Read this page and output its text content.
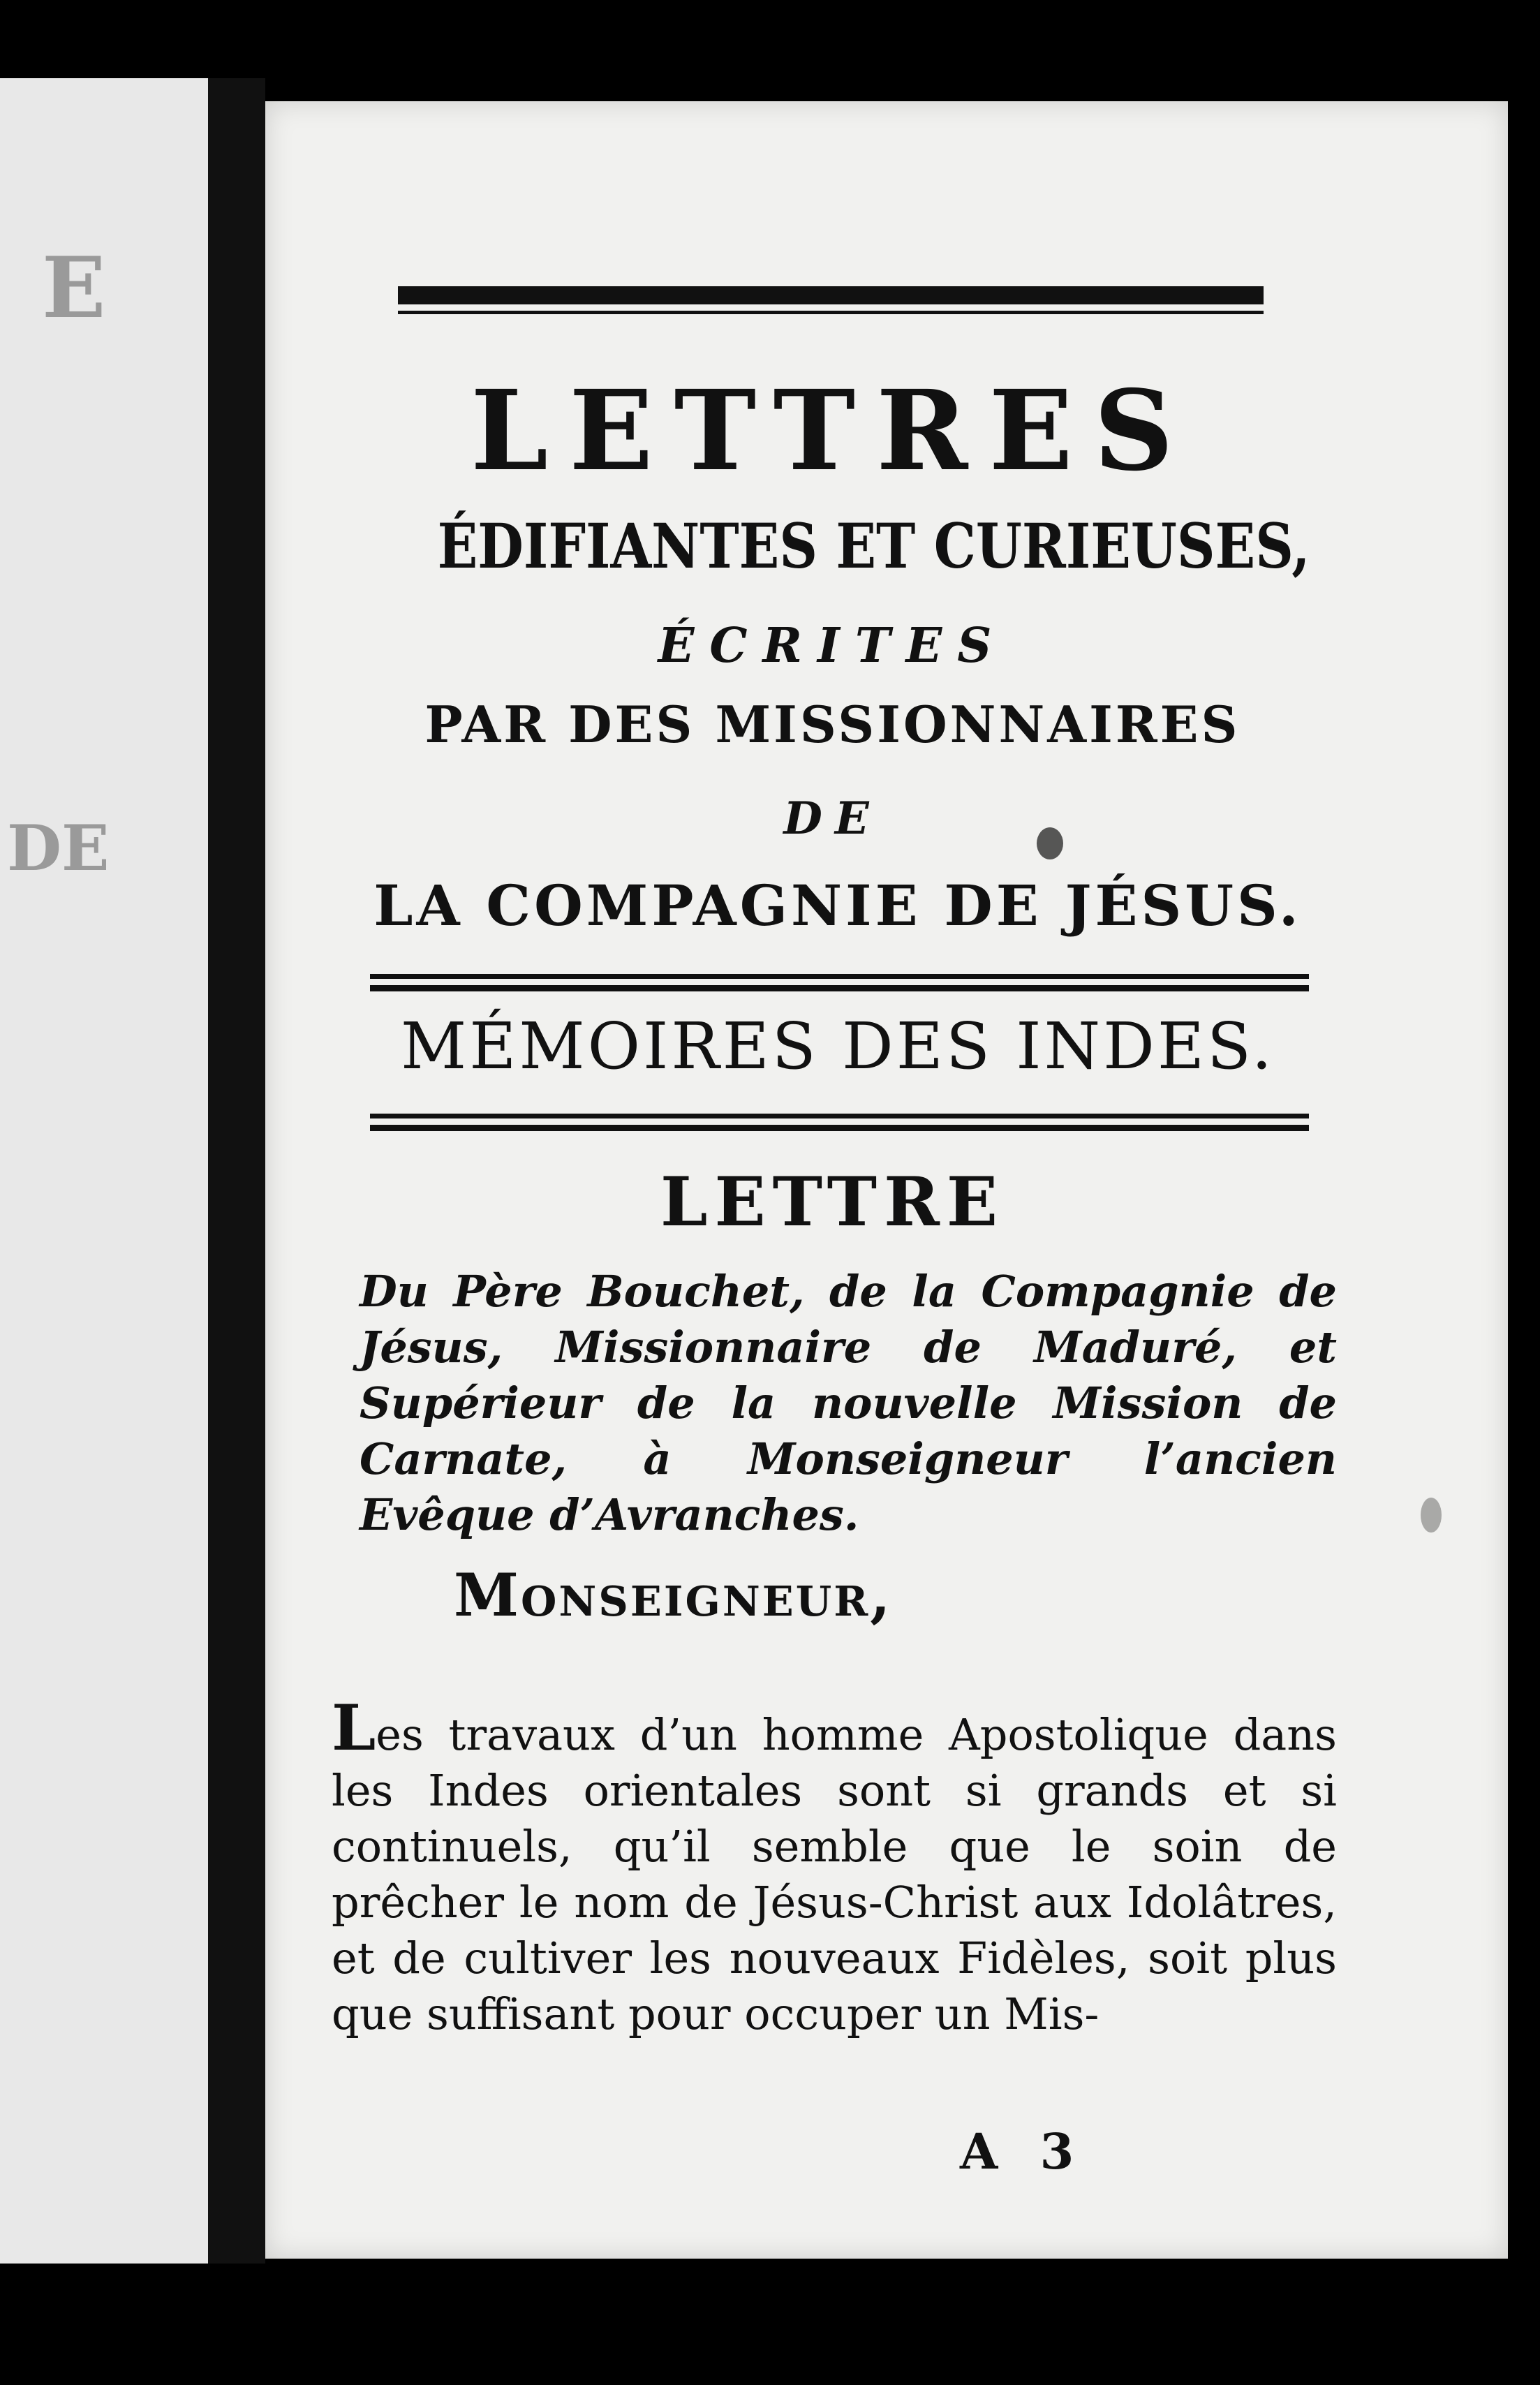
E
DE
LETTRES
ÉDIFIANTES ET CURIEUSES,
ÉCRITES
PAR DES MISSIONNAIRES
DE
LA COMPAGNIE DE JÉSUS.
MÉMOIRES DES INDES.
LETTRE
Du Père Bouchet, de la Compagnie de Jésus, Missionnaire de Maduré, et Supérieur de la nouvelle Mission de Carnate, à Monseigneur l’ancien Evêque d’Avranches.
Monseigneur,
Les travaux d’un homme Apostolique dans les Indes orientales sont si grands et si continuels, qu’il semble que le soin de prêcher le nom de Jésus-Christ aux Idolâtres, et de cultiver les nouveaux Fidèles, soit plus que suffisant pour occuper un Mis-
A 3
